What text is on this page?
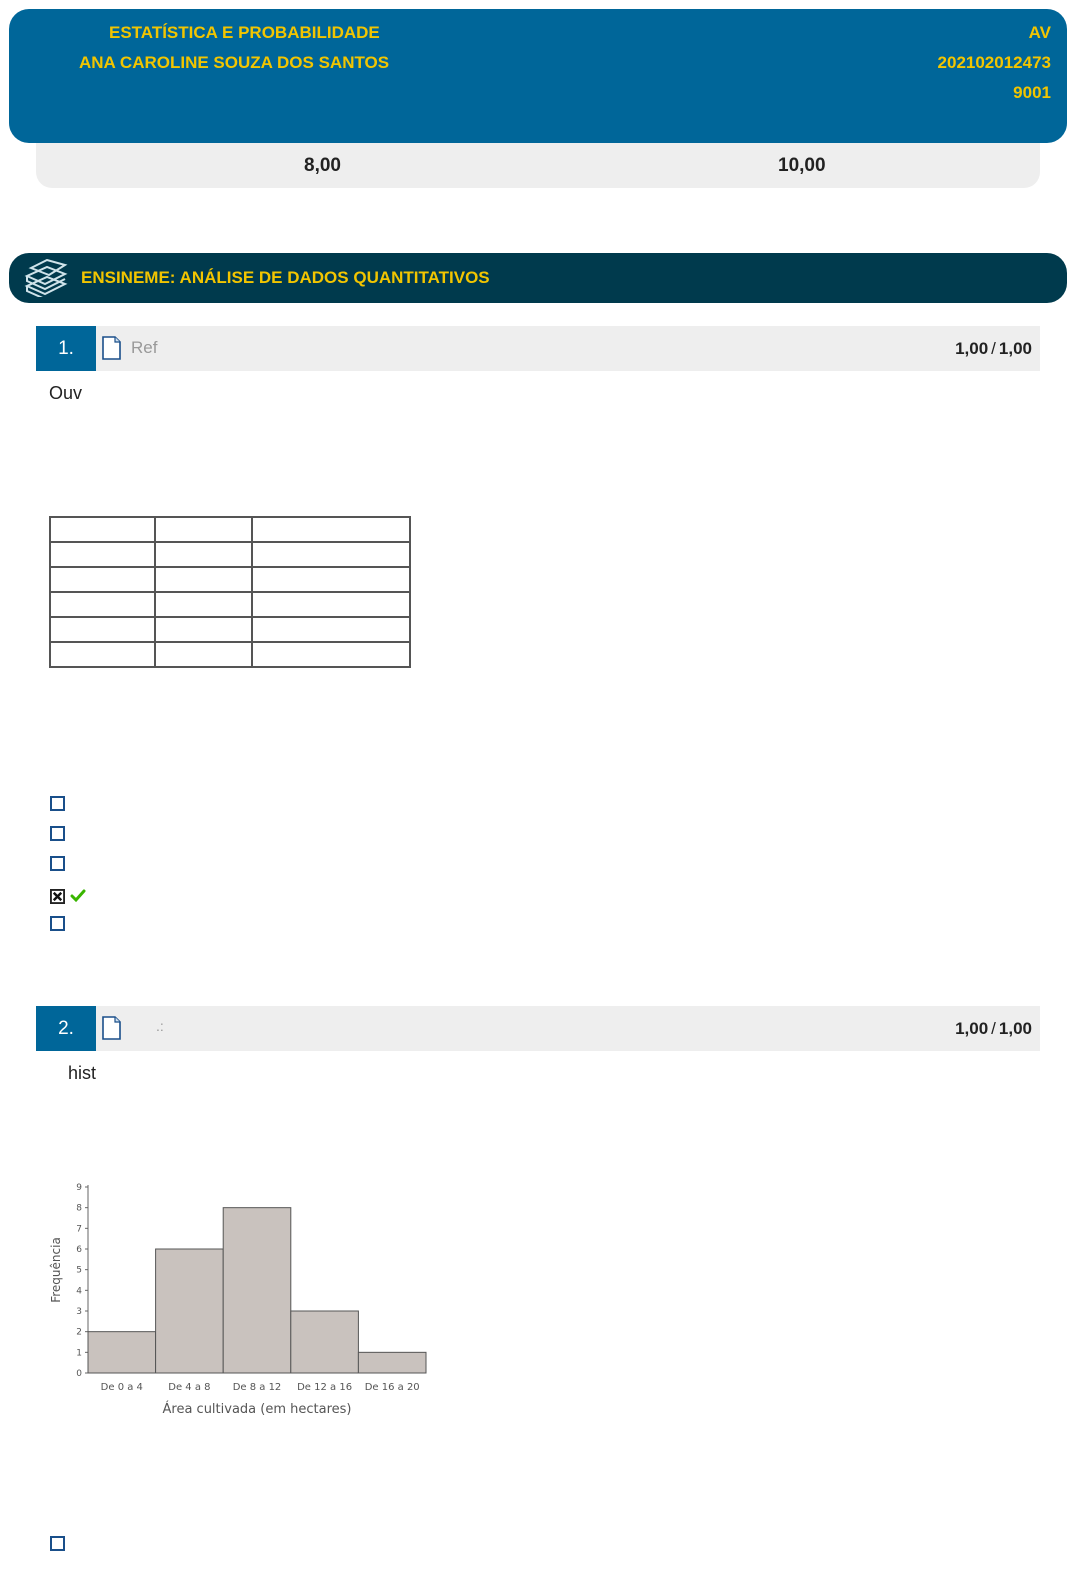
ESTATÍSTICA E PROBABILIDADE
ANA CAROLINE SOUZA DOS SANTOS
AV
202102012473
9001
8,00	10,00
ENSINEME: ANÁLISE DE DADOS QUANTITATIVOS
1.	Ref	1,00 / 1,00
Ouv

2.	.:	1,00 / 1,00
hist
Frequência
Área cultivada (em hectares)
0
1
2
3
4
5
6
7
8
9
De 0 a 4	De 4 a 8 De 8 a 12 De 12 a 16 De 16 a 20
